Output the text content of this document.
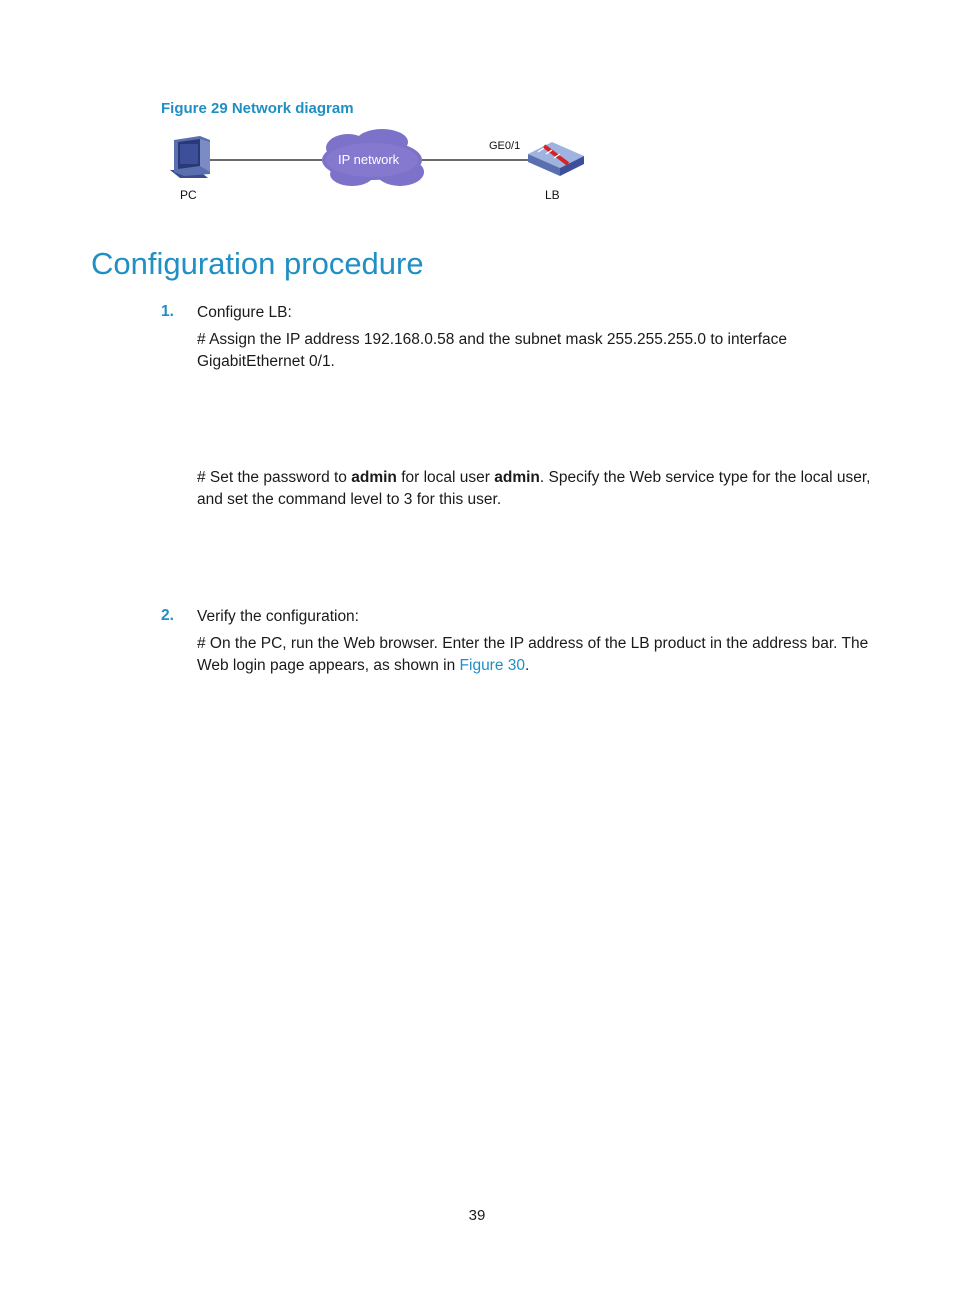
Figure 29 Network diagram
PC
IP network
GE0/1
LB
Configuration procedure
1. Configure LB:
# Assign the IP address 192.168.0.58 and the subnet mask 255.255.255.0 to interface
GigabitEthernet 0/1.
# Set the password to admin for local user admin. Specify the Web service type for the local user,
and set the command level to 3 for this user.
2. Verify the configuration:
# On the PC, run the Web browser. Enter the IP address of the LB product in the address bar. The
Web login page appears, as shown in Figure 30.
39
